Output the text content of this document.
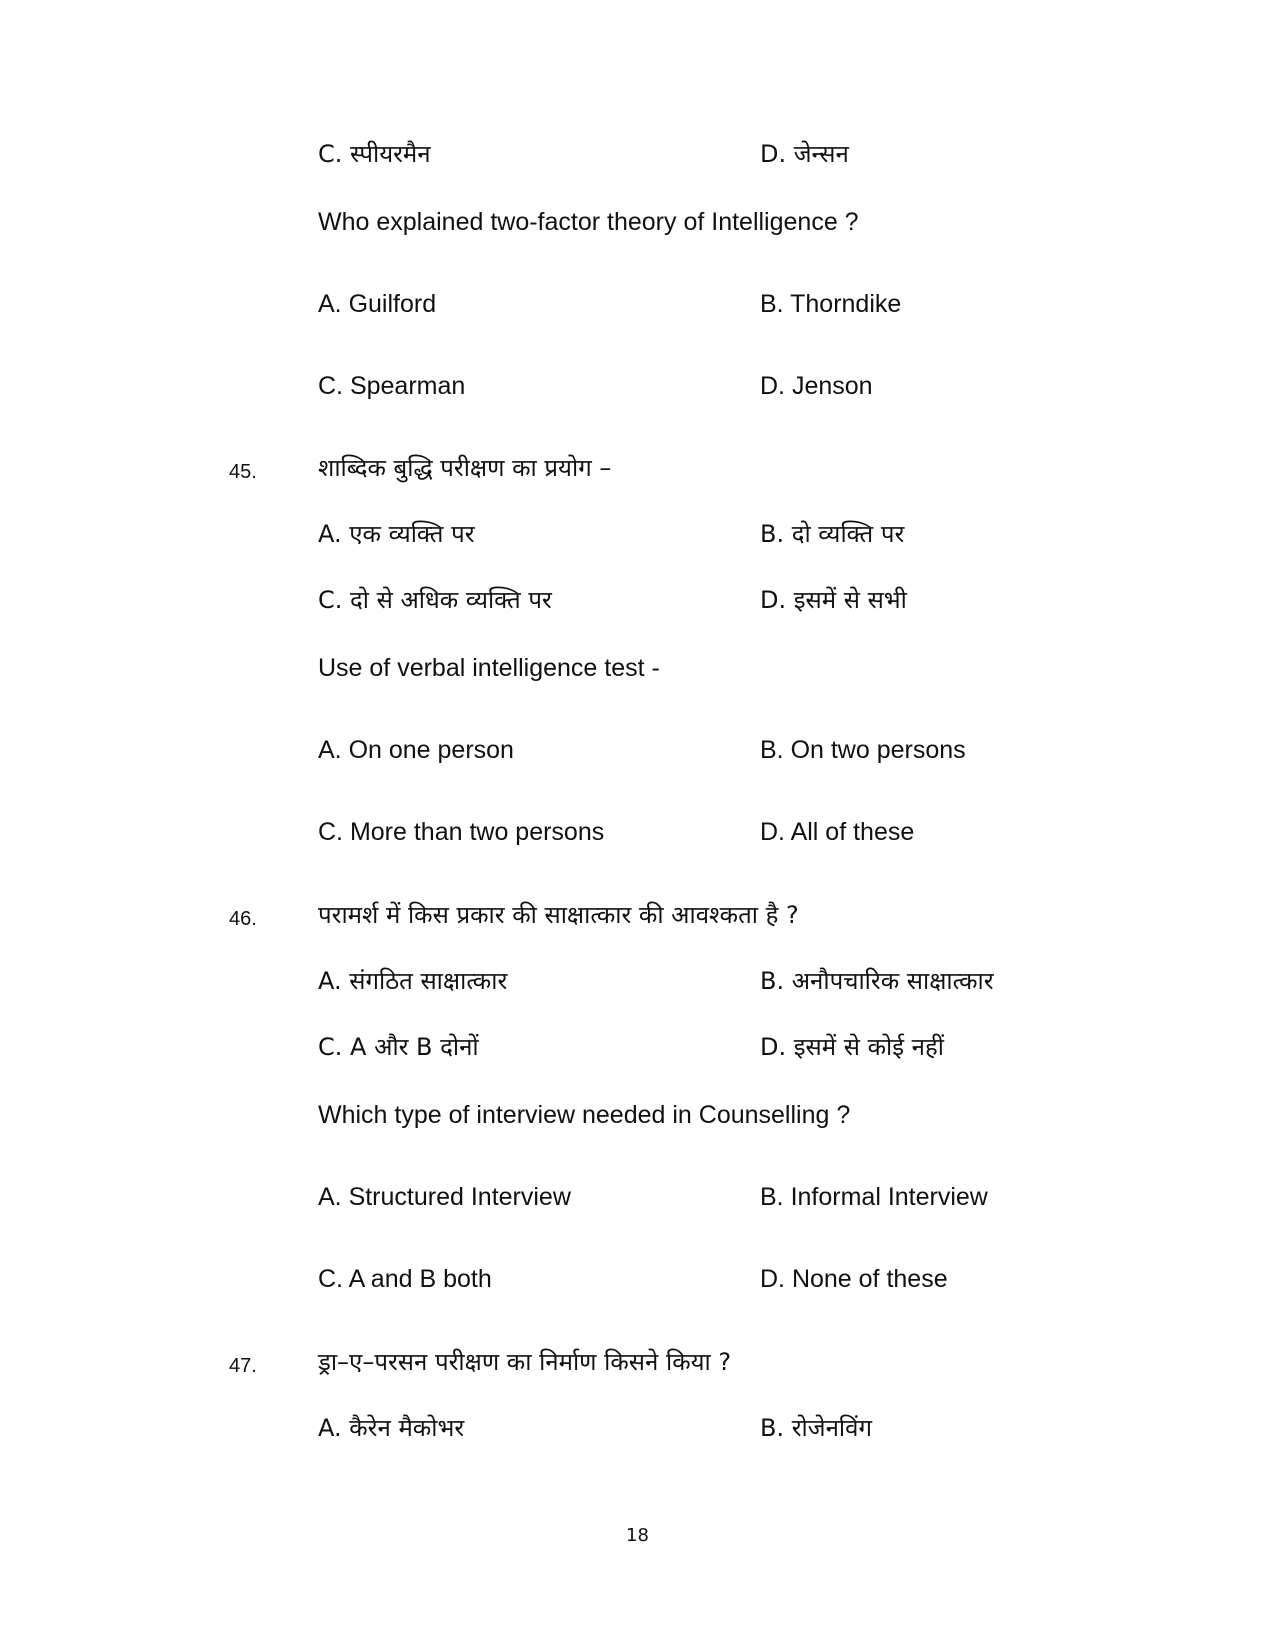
C. स्पीयरमैन	D. जेन्सन
Who explained two-factor theory of Intelligence ?
A. Guilford	B. Thorndike
C. Spearman	D. Jenson
45.	शाब्दिक बुद्धि परीक्षण का प्रयोग –
A. एक व्यक्ति पर	B. दो व्यक्ति पर
C. दो से अधिक व्यक्ति पर	D. इसमें से सभी
Use of verbal intelligence test -
A. On one person	B. On two persons
C. More than two persons	D. All of these
46.	परामर्श में किस प्रकार की साक्षात्कार की आवश्कता है ?
A. संगठित साक्षात्कार	B. अनौपचारिक साक्षात्कार
C. A और B दोनों	D. इसमें से कोई नहीं
Which type of interview needed in Counselling ?
A. Structured Interview	B. Informal Interview
C. A and B both	D. None of these
47.	ड्रा–ए–परसन परीक्षण का निर्माण किसने किया ?
A. कैरेन मैकोभर	B. रोजेनविंग
18
